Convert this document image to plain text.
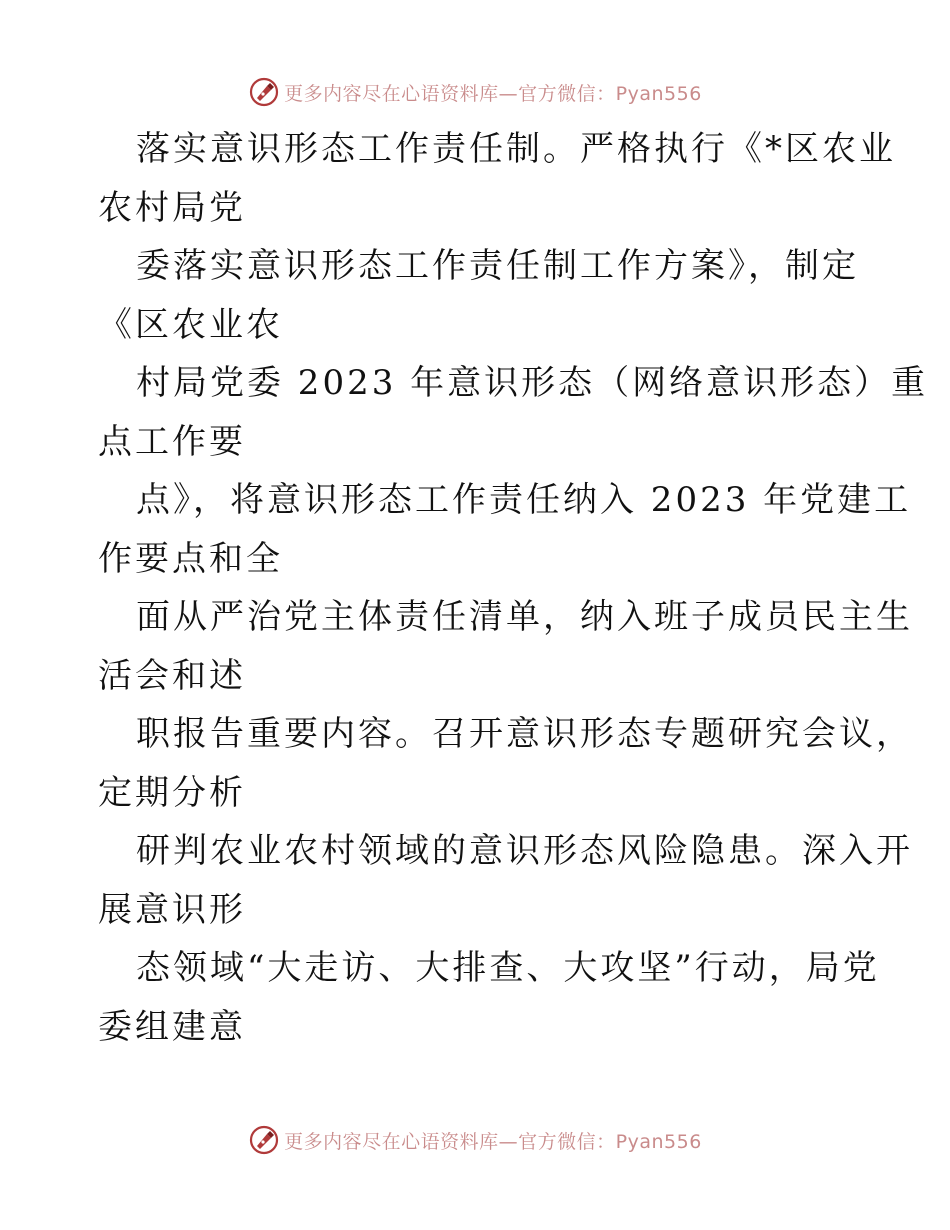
更多内容尽在心语资料库—官方微信：Pyan556
落实意识形态工作责任制。严格执行《*区农业
农村局党
委落实意识形态工作责任制工作方案》，制定
《区农业农
村局党委 2023 年意识形态（网络意识形态）重
点工作要
点》，将意识形态工作责任纳入 2023 年党建工
作要点和全
面从严治党主体责任清单，纳入班子成员民主生
活会和述
职报告重要内容。召开意识形态专题研究会议，
定期分析
研判农业农村领域的意识形态风险隐患。深入开
展意识形
态领域“大走访、大排查、大攻坚”行动，局党
委组建意
更多内容尽在心语资料库—官方微信：Pyan556
